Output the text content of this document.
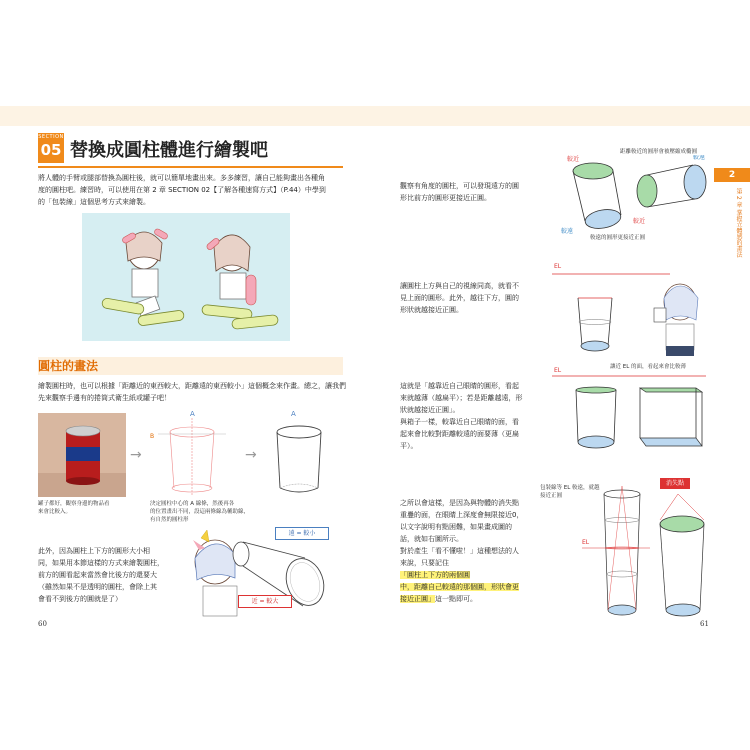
SECTION
05 替換成圓柱體進行繪製吧
將人體的手臂或腿部替換為圓柱後，就可以簡單地畫出來。多多練習，讓自己能夠畫出各種角
度的圓柱吧。練習時，可以使用在第 2 章 SECTION 02【了解各種速寫方式】（P.44）中學到
的「包裝線」這個思考方式來繪製。
圓柱的畫法
繪製圓柱時，也可以根據「距離近的東西較大，距離遠的東西較小」這個概念來作畫。總之，讓我們
先來觀察手邊有的捲筒式衛生紙或罐子吧！
罐子都好，觀察身邊的物品看
來會比較入。
→	→
A
B
A
決定圓柱中心的 A 線條，然後再各
的位置畫出不同，設這兩條線為輔助線，
有自然的圓柱形
此外，因為圓柱上下方的圓形大小相
同，如果用本節這樣的方式來繪製圓柱，
前方的圓看起來當然會比後方的還要大
（雖然如果不是透明的圓柱，會除上其
會看不到後方的圓就是了）
遠 = 較小
近 = 較大
60
2
第 2 章 掌握立體感的畫法
觀察有角度的圓柱，可以發現遠方的圓
形比前方的圓形更接近正圓。
距離較近的圓形會被壓縮成橢圓
較遠的圓形更接近正圓
較近
較遠
較遠
較近
讓圓柱上方與自己的視線同高，就看不
見上面的圓形。此外，越往下方，圓的
形狀就越接近正圓。
EL
這就是「越靠近自己眼睛的圓形，看起
來就越薄（越扁平）；若是距離越遠，形
狀就越接近正圓」。
與箱子一樣，較靠近自己眼睛的面，看
起來會比較對距離較遠的面要薄（更扁
平）。
讓近 EL 的面，看起來會比較薄
EL
之所以會這樣，是因為與物體的消失點
重疊的面，在眼睛上深度會無限接近0，
以文字說明有點困難，如果畫成圖的
話，就如右圖所示。
對於產生「看不懂啦！」這種想法的人
來說，只要記住
「圓柱上下方的兩個圓
中，距離自己較遠的那個圓，形狀會更
接近正圓」這一點即可。
包裝線等 EL 較遠，就越
接近正圓
消失點
EL
61
